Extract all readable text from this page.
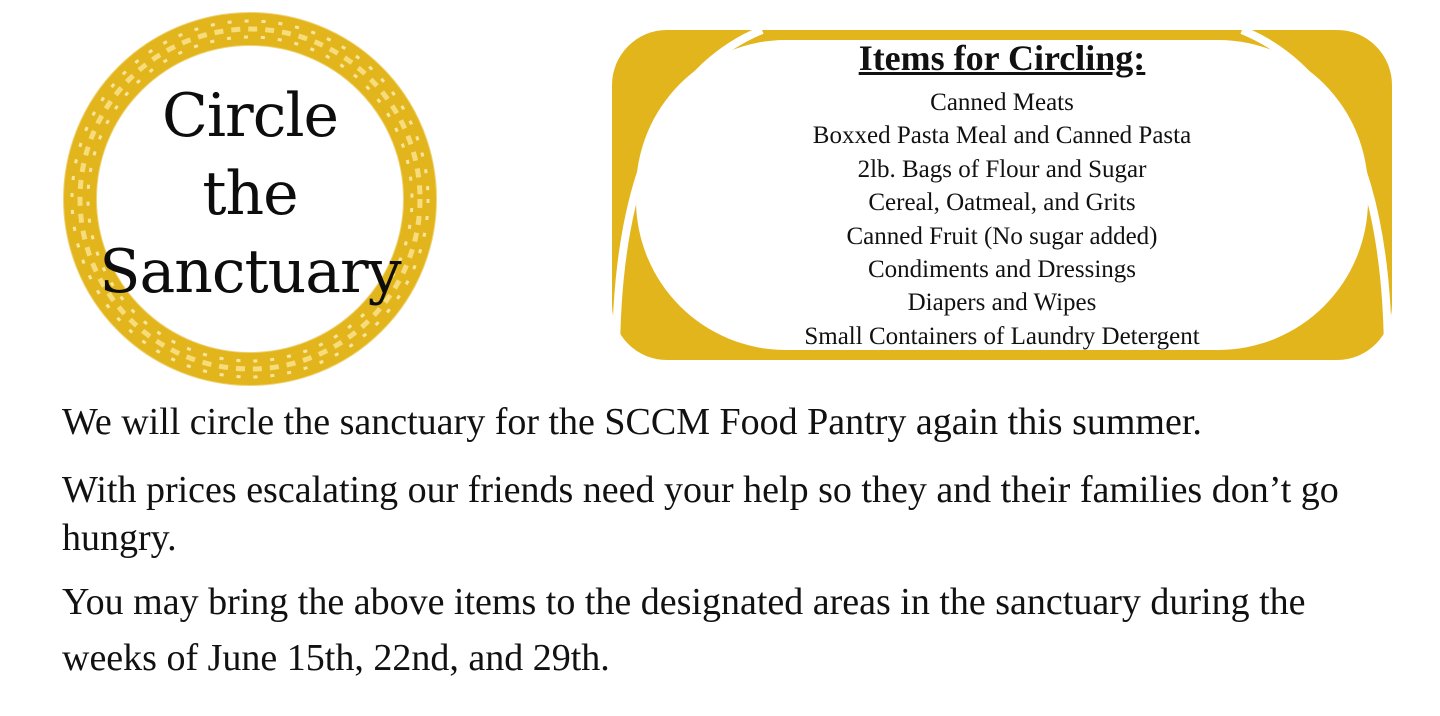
Circle
the
Sanctuary
Items for Circling:
Canned Meats
Boxxed Pasta Meal and Canned Pasta
2lb. Bags of Flour and Sugar
Cereal, Oatmeal, and Grits
Canned Fruit (No sugar added)
Condiments and Dressings
Diapers and Wipes
Small Containers of Laundry Detergent

We will circle the sanctuary for the SCCM Food Pantry again this summer.

With prices escalating our friends need your help so they and their families don’t go hungry.

You may bring the above items to the designated areas in the sanctuary during the weeks of June 15th, 22nd, and 29th.
